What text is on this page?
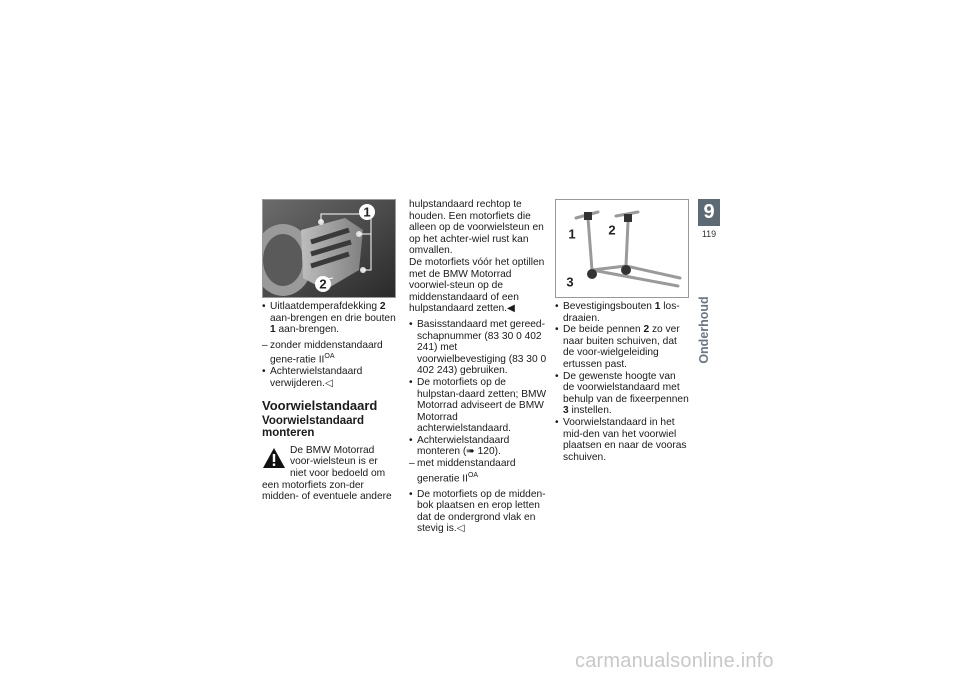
1
2
• Uitlaatdemperafdekking 2 aan-brengen en drie bouten 1 aan-brengen.
– zonder middenstandaard gene-ratie $II^{OA}$
• Achterwielstandaard verwijderen.◁
Voorwielstandaard
Voorwielstandaard monteren

De BMW Motorrad voor-wielsteun is er niet voor bedoeld om een motorfiets zon-der midden- of eventuele andere

hulpstandaard rechtop te houden. Een motorfiets die alleen op de voorwielsteun en op het achter-wiel rust kan omvallen.

De motorfiets vóór het optillen met de BMW Motorrad voorwiel-steun op de middenstandaard of een hulpstandaard zetten.◀

• Basisstandaard met gereed-schapnummer (83 30 0 402 241) met voorwielbevestiging (83 30 0 402 243) gebruiken.
• De motorfiets op de hulpstan-daard zetten; BMW Motorrad adviseert de BMW Motorrad achterwielstandaard.
• Achterwielstandaard monteren (➠ 120).
– met middenstandaard generatie $II^{OA}$
• De motorfiets op de midden-bok plaatsen en erop letten dat de ondergrond vlak en stevig is.◁
1	2
3
• Bevestigingsbouten 1 los-draaien.
• De beide pennen 2 zo ver naar buiten schuiven, dat de voor-wielgeleiding ertussen past.
• De gewenste hoogte van de voorwielstandaard met behulp van de fixeerpennen 3 instellen.
• Voorwielstandaard in het mid-den van het voorwiel plaatsen en naar de vooras schuiven.
9
119
Onderhoud
carmanualsonline.info
